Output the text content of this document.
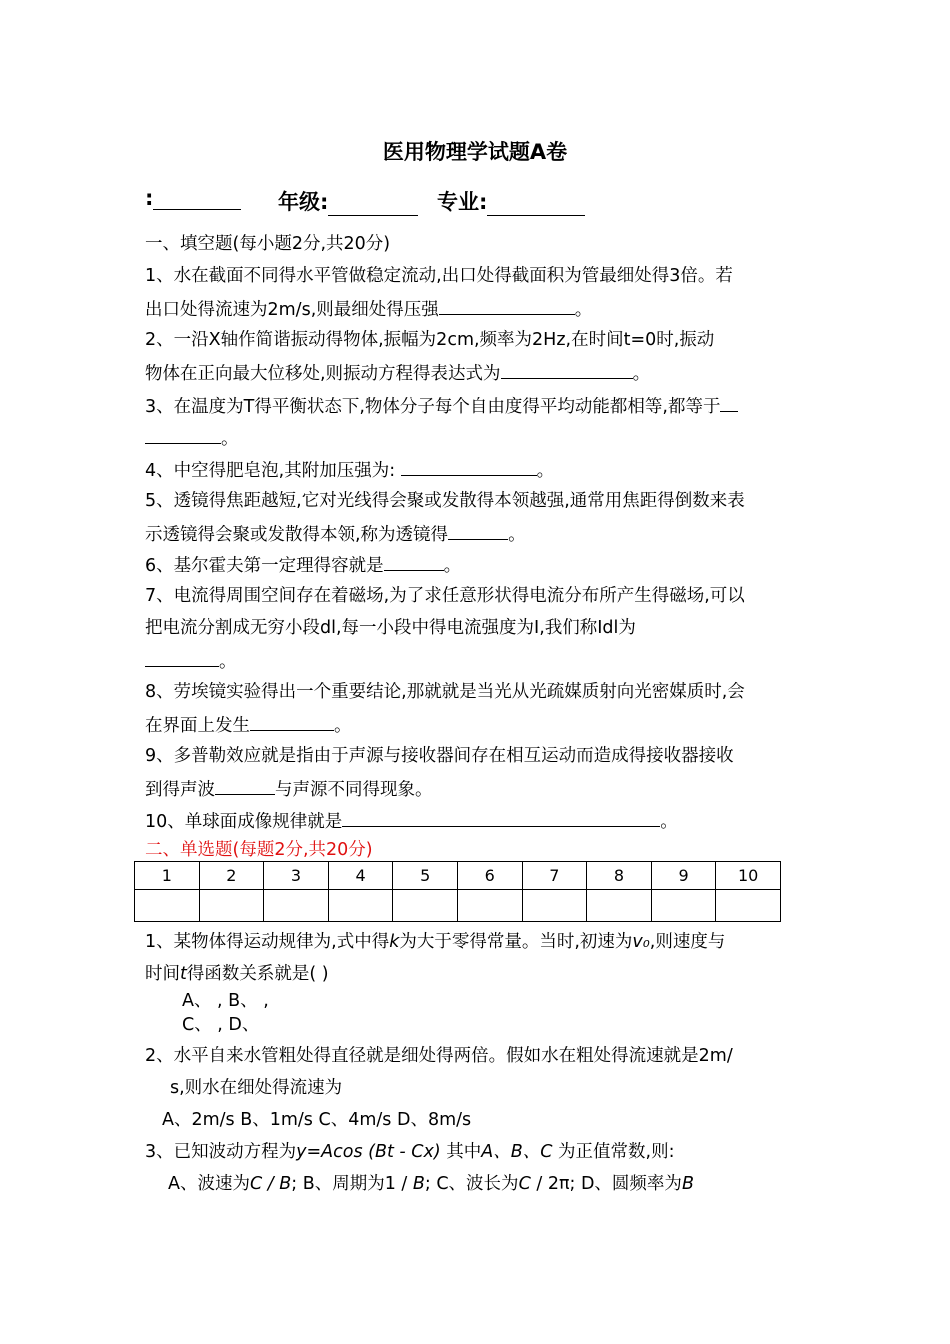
医用物理学试题A卷
:	年级:	专业:
一、填空题(每小题2分,共20分)
1、水在截面不同得水平管做稳定流动,出口处得截面积为管最细处得3倍。若
出口处得流速为2m/s,则最细处得压强	。
2、一沿X轴作简谐振动得物体,振幅为2cm,频率为2Hz,在时间t=0时,振动
物体在正向最大位移处,则振动方程得表达式为	。
3、在温度为T得平衡状态下,物体分子每个自由度得平均动能都相等,都等于
。
4、中空得肥皂泡,其附加压强为:	。
5、透镜得焦距越短,它对光线得会聚或发散得本领越强,通常用焦距得倒数来表
示透镜得会聚或发散得本领,称为透镜得	。
6、基尔霍夫第一定理得容就是	。
7、电流得周围空间存在着磁场,为了求任意形状得电流分布所产生得磁场,可以
把电流分割成无穷小段dl,每一小段中得电流强度为I,我们称Idl为
。
8、劳埃镜实验得出一个重要结论,那就就是当光从光疏媒质射向光密媒质时,会
在界面上发生	。
9、多普勒效应就是指由于声源与接收器间存在相互运动而造成得接收器接收
到得声波	与声源不同得现象。
10、单球面成像规律就是	。
二、单选题(每题2分,共20分)
1	2	3	4	5	6	7	8	9	10

1、某物体得运动规律为,式中得k为大于零得常量。当时,初速为v₀,则速度与
时间t得函数关系就是( )
A、 , B、 ,
C、 , D、
2、水平自来水管粗处得直径就是细处得两倍。假如水在粗处得流速就是2m/
s,则水在细处得流速为
A、2m/s B、1m/s C、4m/s D、8m/s
3、已知波动方程为y=Acos (Bt - Cx) 其中A、B、C 为正值常数,则:
A、波速为C / B; B、周期为1 / B; C、波长为C / 2π; D、圆频率为B
